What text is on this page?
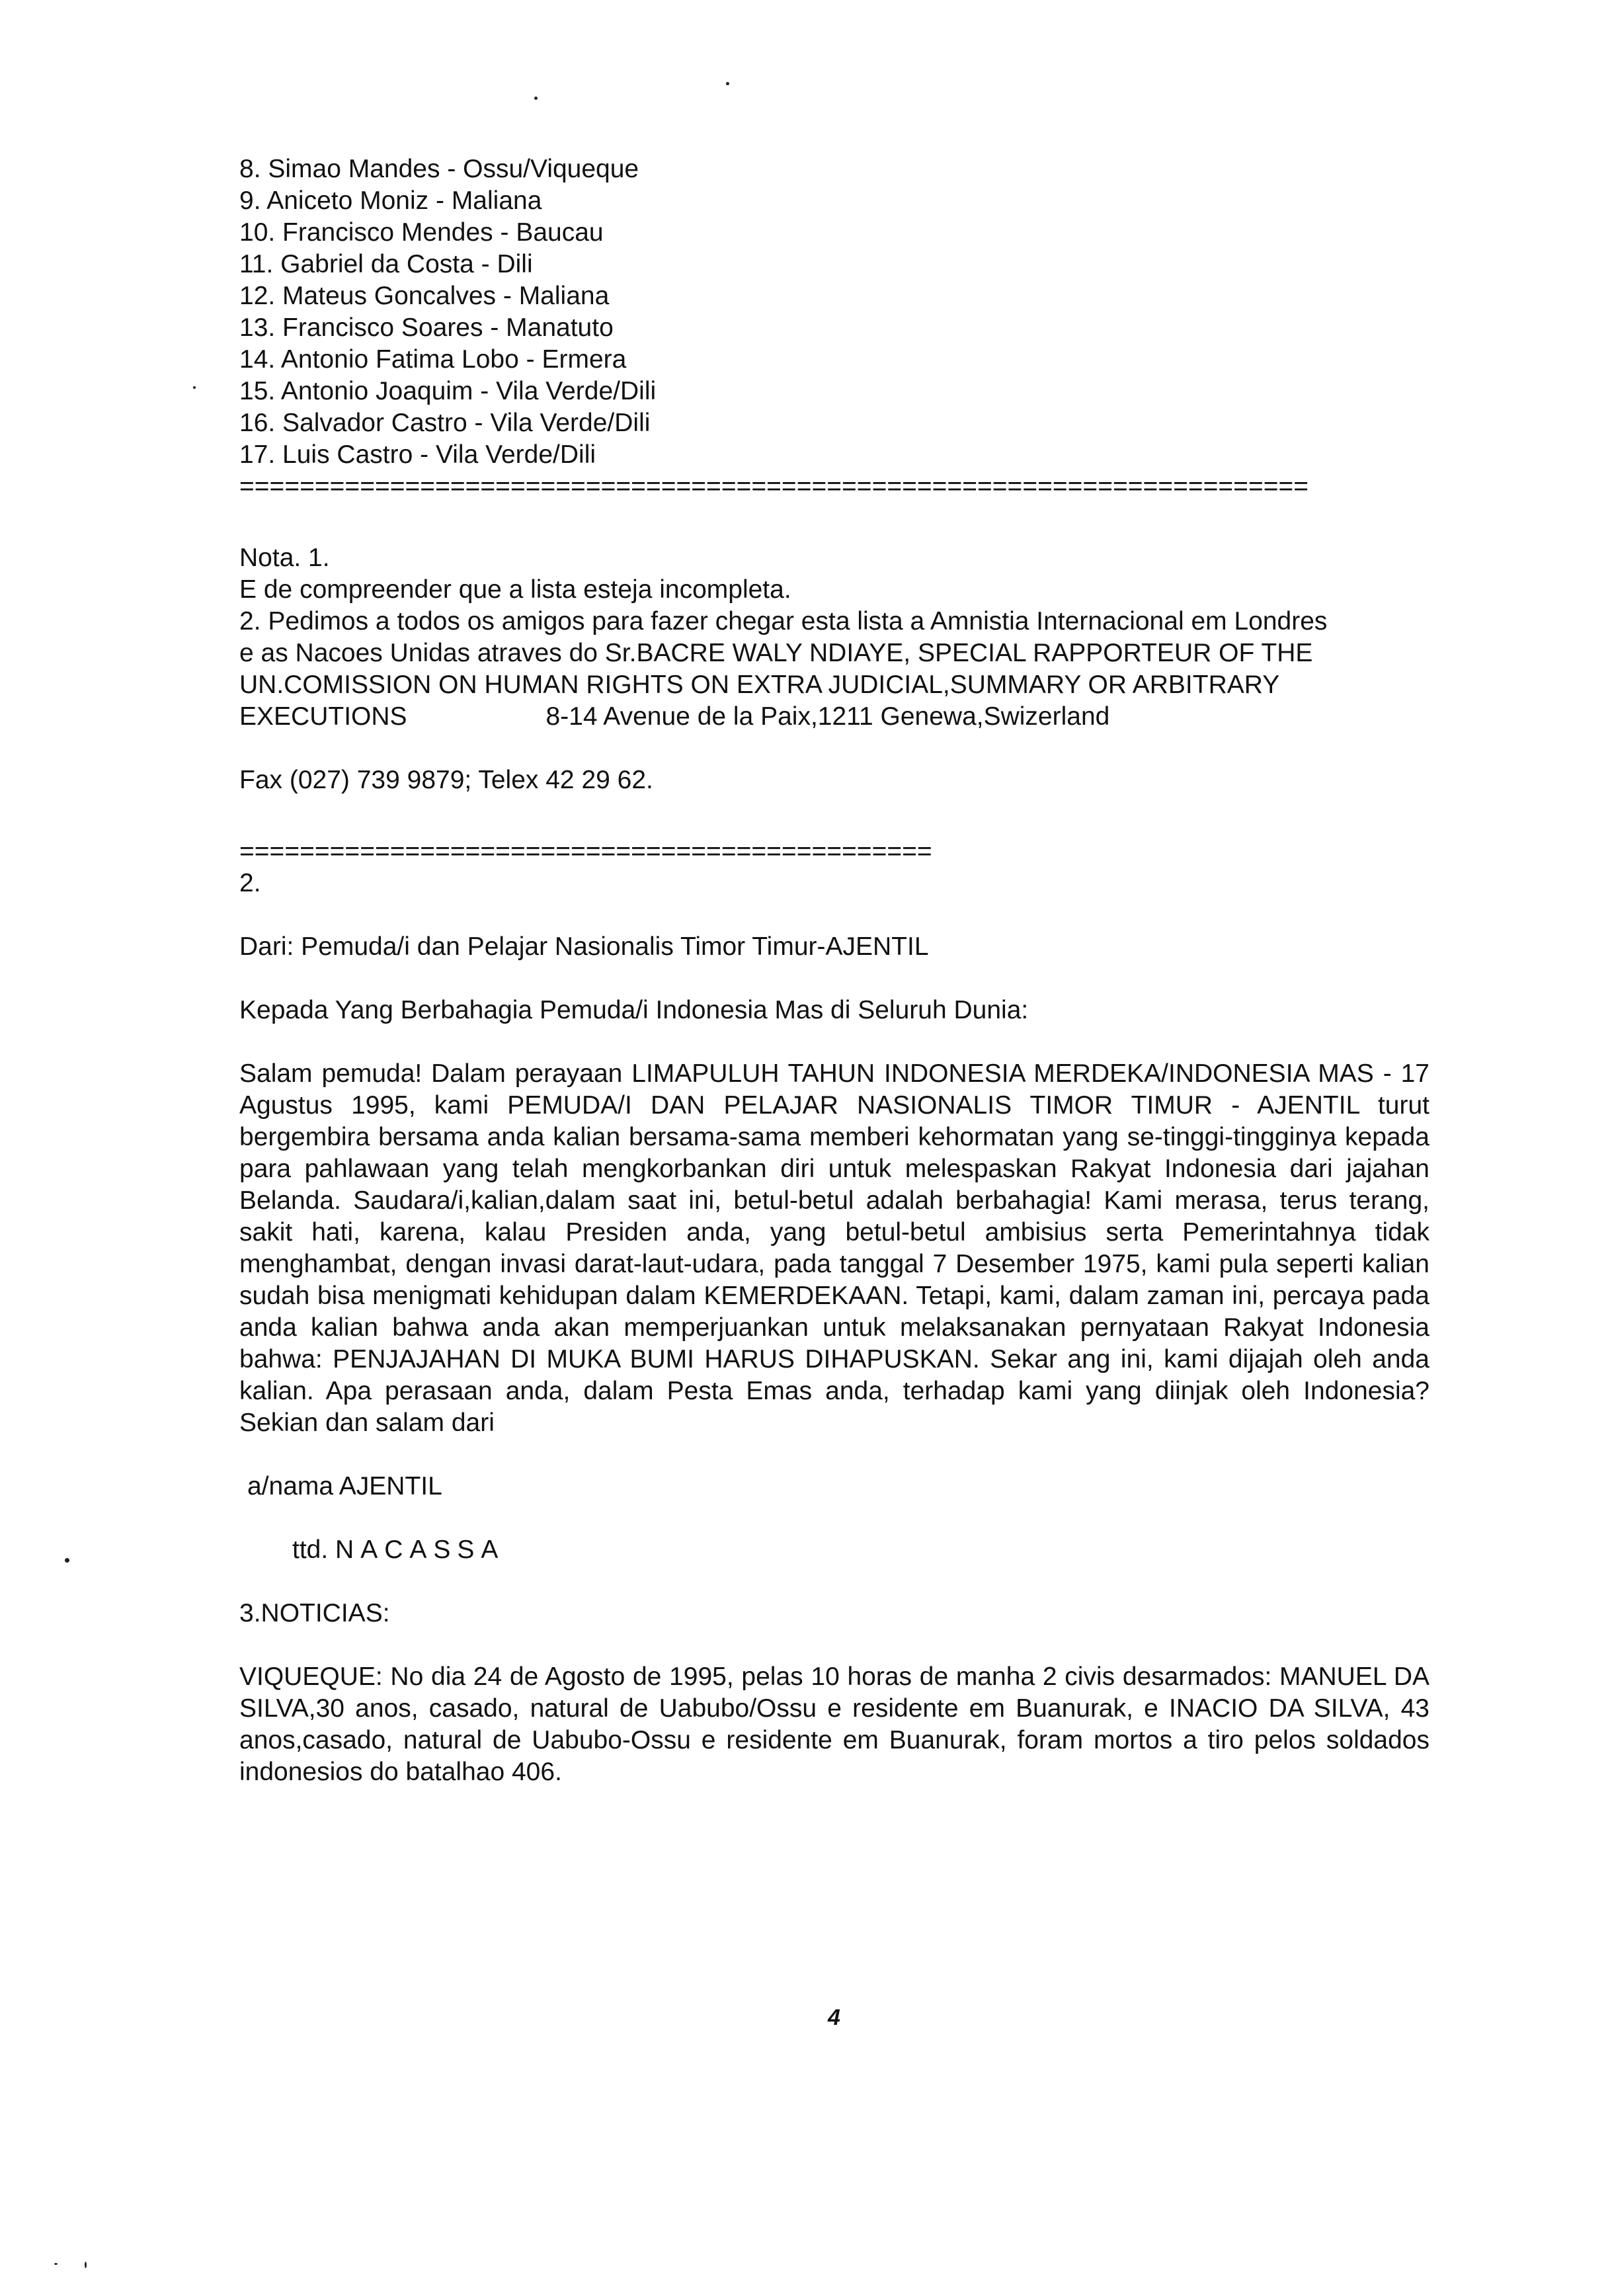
8. Simao Mandes - Ossu/Viqueque

9. Aniceto Moniz - Maliana

10. Francisco Mendes - Baucau

11. Gabriel da Costa - Dili

12. Mateus Goncalves - Maliana

13. Francisco Soares - Manatuto

14. Antonio Fatima Lobo - Ermera

15. Antonio Joaquim - Vila Verde/Dili

16. Salvador Castro - Vila Verde/Dili

17. Luis Castro - Vila Verde/Dili

=======================================================================

Nota. 1.

E de compreender que a lista esteja incompleta.

2. Pedimos a todos os amigos para fazer chegar esta lista a Amnistia Internacional em Londres

e as Nacoes Unidas atraves do Sr.BACRE WALY NDIAYE, SPECIAL RAPPORTEUR OF THE

UN.COMISSION ON HUMAN RIGHTS ON EXTRA JUDICIAL,SUMMARY OR ARBITRARY

EXECUTIONS	8-14 Avenue de la Paix,1211 Genewa,Swizerland

Fax (027) 739 9879; Telex 42 29 62.

==============================================

2.

Dari: Pemuda/i dan Pelajar Nasionalis Timor Timur-AJENTIL

Kepada Yang Berbahagia Pemuda/i Indonesia Mas di Seluruh Dunia:

Salam pemuda! Dalam perayaan LIMAPULUH TAHUN INDONESIA MERDEKA/INDONESIA MAS - 17 Agustus 1995, kami PEMUDA/I DAN PELAJAR NASIONALIS TIMOR TIMUR - AJENTIL turut bergembira bersama anda kalian bersama-sama memberi kehormatan yang se-tinggi-tingginya kepada para pahlawaan yang telah mengkorbankan diri untuk melespaskan Rakyat Indonesia dari jajahan Belanda. Saudara/i,kalian,dalam saat ini, betul-betul adalah berbahagia! Kami merasa, terus terang, sakit hati, karena, kalau Presiden anda, yang betul-betul ambisius serta Pemerintahnya tidak menghambat, dengan invasi darat-laut-udara, pada tanggal 7 Desember 1975, kami pula seperti kalian sudah bisa menigmati kehidupan dalam KEMERDEKAAN. Tetapi, kami, dalam zaman ini, percaya pada anda kalian bahwa anda akan memperjuankan untuk melaksanakan pernyataan Rakyat Indonesia bahwa: PENJAJAHAN DI MUKA BUMI HARUS DIHAPUSKAN. Sekar ang ini, kami dijajah oleh anda kalian. Apa perasaan anda, dalam Pesta Emas anda, terhadap kami yang diinjak oleh Indonesia? Sekian dan salam dari

a/nama AJENTIL

ttd. NACASSA

3.NOTICIAS:

VIQUEQUE: No dia 24 de Agosto de 1995, pelas 10 horas de manha 2 civis desarmados: MANUEL DA SILVA,30 anos, casado, natural de Uabubo/Ossu e residente em Buanurak, e INACIO DA SILVA, 43 anos,casado, natural de Uabubo-Ossu e residente em Buanurak, foram mortos a tiro pelos soldados indonesios do batalhao 406.

4
